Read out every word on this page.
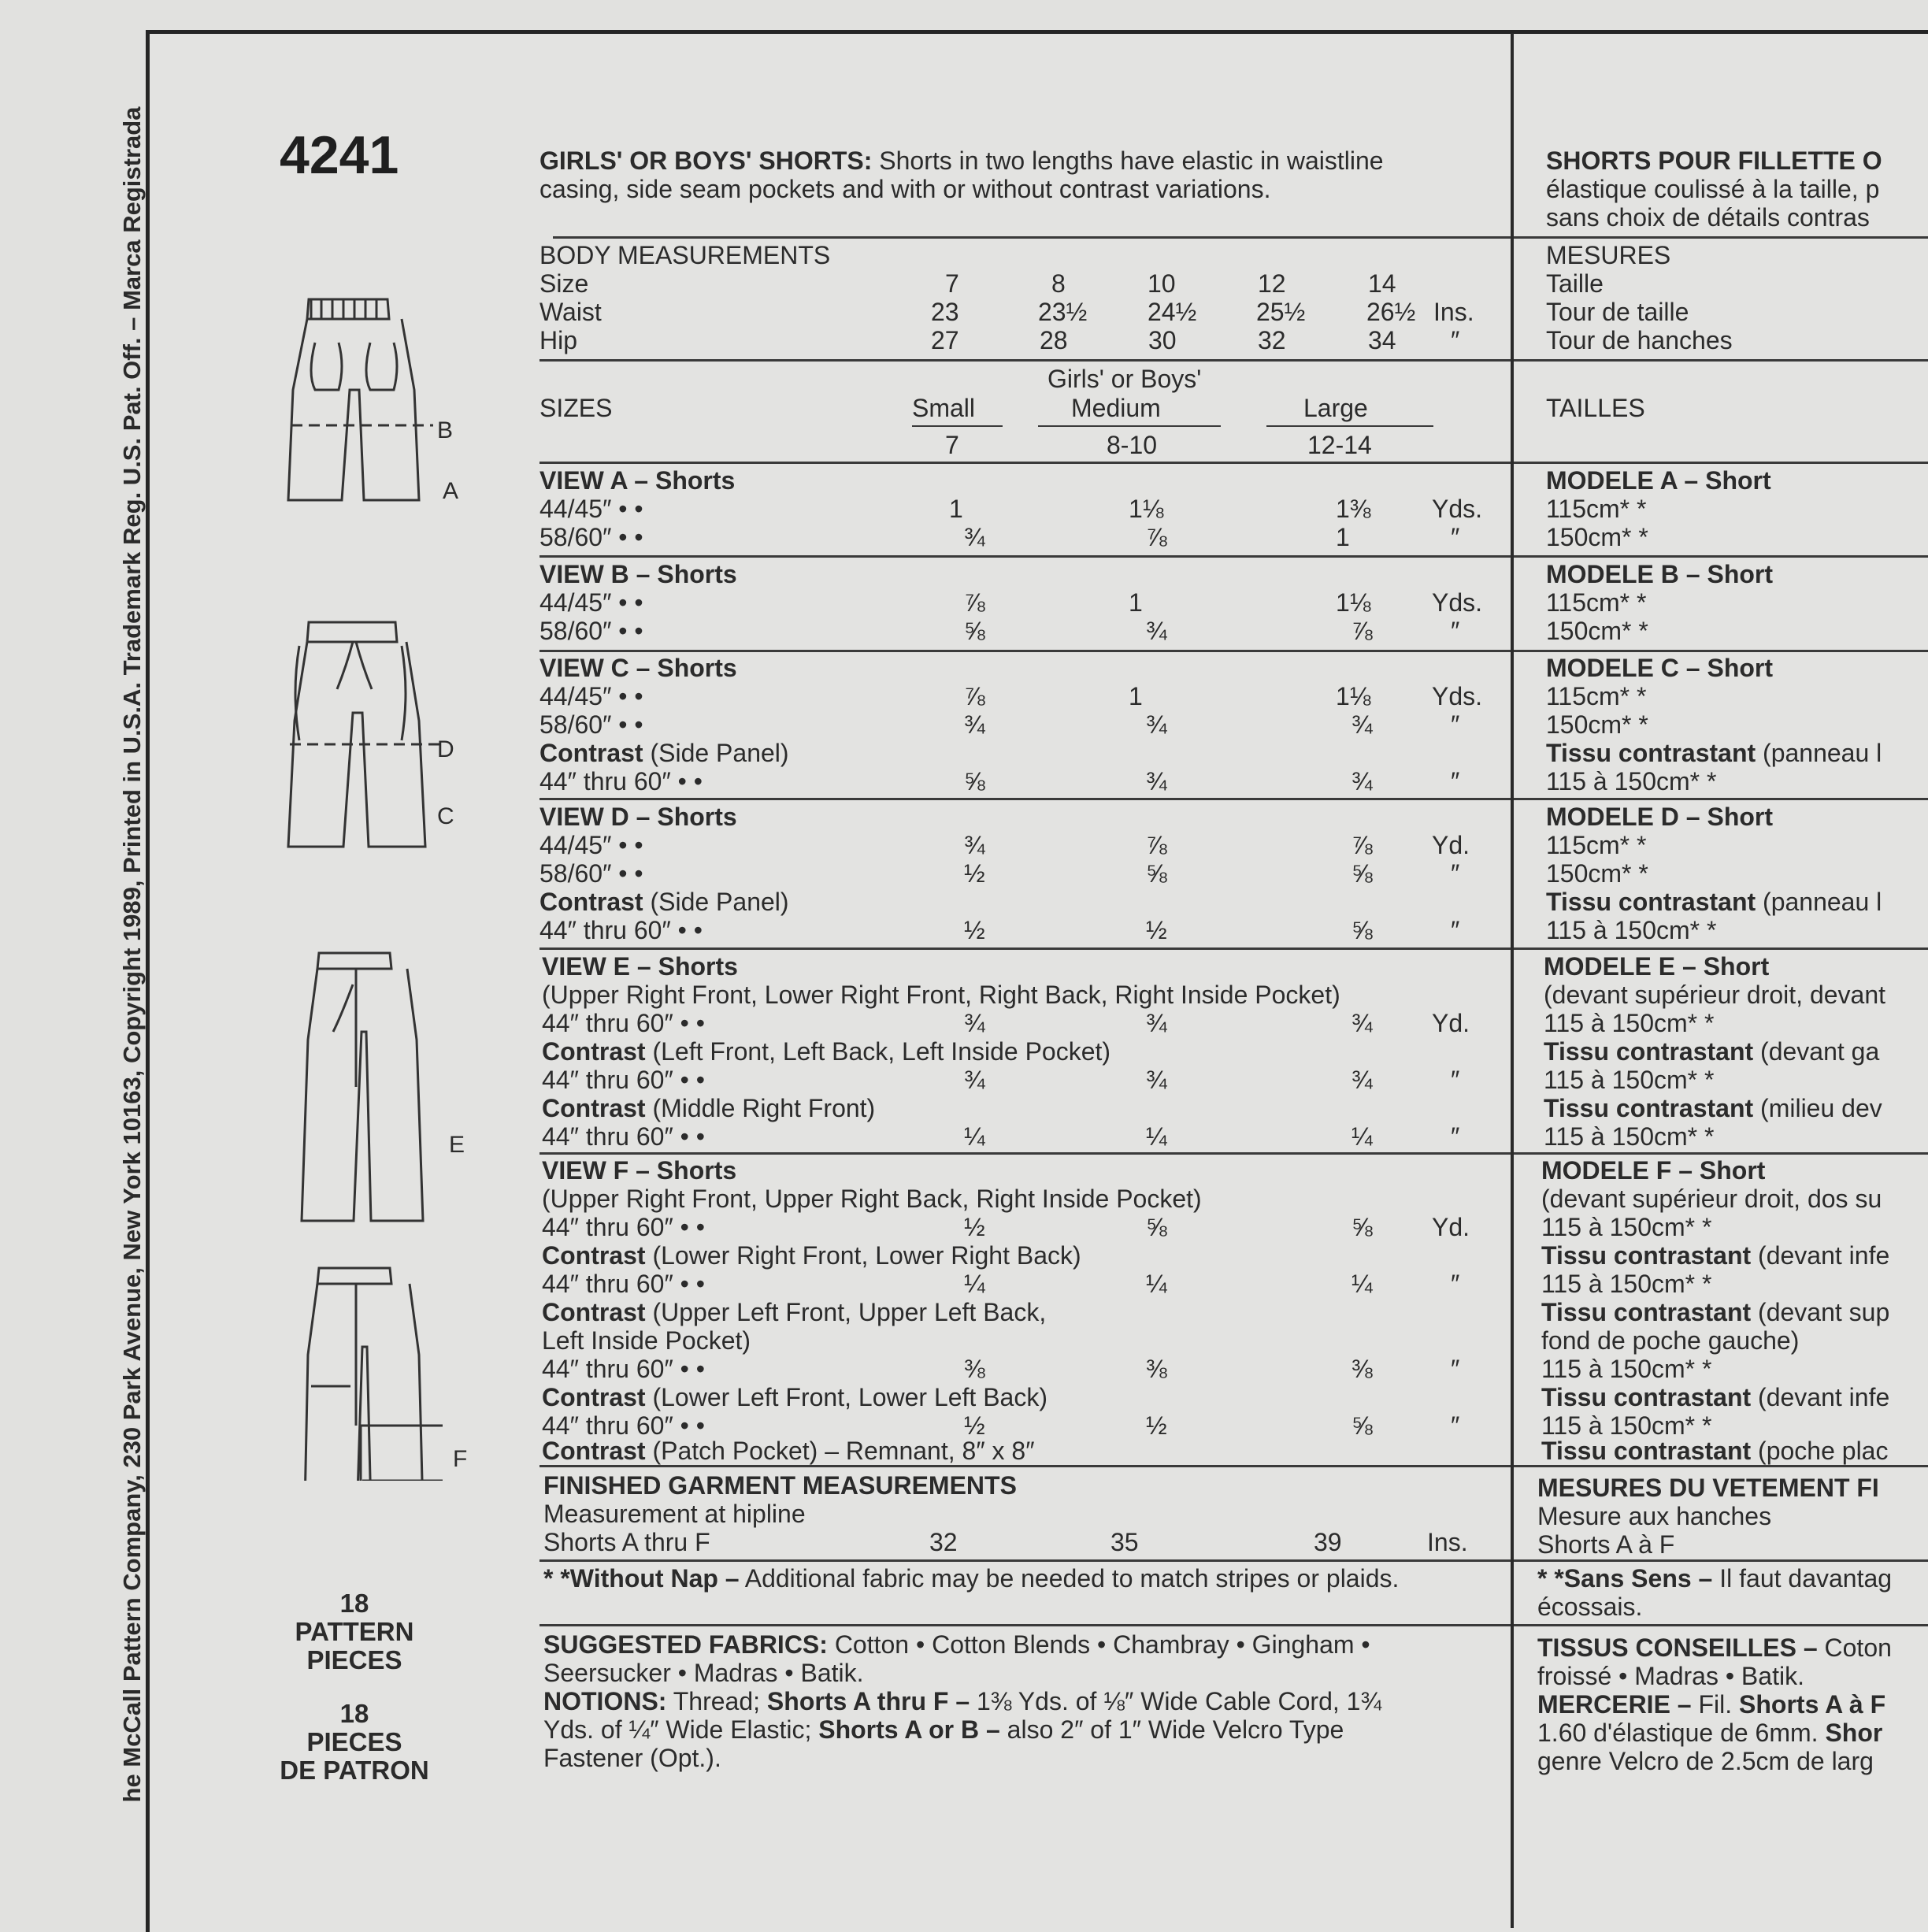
he McCall Pattern Company, 230 Park Avenue, New York 10163, Copyright 1989, Printed in U.S.A. Trademark Reg. U.S. Pat. Off. – Marca Registrada	4241
B
A
D
C
E
F
18
PATTERN
PIECES
18
PIECES
DE PATRON
GIRLS' OR BOYS' SHORTS: Shorts in two lengths have elastic in waistline
casing, side seam pockets and with or without contrast variations.
BODY MEASUREMENTS
Size	7	8	10	12	14
Waist	23	23½ 24½ 25½ 26½ Ins.
Hip	27	28	30	32	34 ″
SIZES
Girls' or Boys'
Small	Medium	Large
7	8-10	12-14
VIEW A – Shorts
44/45″ • •	1	1⅛	1⅜ Yds.
58/60″ • •	¾	⅞	1	″
VIEW B – Shorts
44/45″ • •	⅞	1	1⅛ Yds.
58/60″ • •	⅝	¾	⅞	″
VIEW C – Shorts
44/45″ • •	⅞	1	1⅛ Yds.
58/60″ • •	¾	¾	¾	″
Contrast (Side Panel)
44″ thru 60″ • •	⅝	¾	¾	″
VIEW D – Shorts
44/45″ • •	¾	⅞	⅞ Yd.
58/60″ • •	½	⅝	⅝	″
Contrast (Side Panel)
44″ thru 60″ • •	½	½	⅝	″
VIEW E – Shorts
(Upper Right Front, Lower Right Front, Right Back, Right Inside Pocket)
44″ thru 60″ • •	¾	¾	¾ Yd.
Contrast (Left Front, Left Back, Left Inside Pocket)
44″ thru 60″ • •	¾	¾	¾	″
Contrast (Middle Right Front)
44″ thru 60″ • •	¼	¼	¼	″
VIEW F – Shorts
(Upper Right Front, Upper Right Back, Right Inside Pocket)
44″ thru 60″ • •	½	⅝	⅝ Yd.
Contrast (Lower Right Front, Lower Right Back)
44″ thru 60″ • •	¼	¼	¼	″
Contrast (Upper Left Front, Upper Left Back,
Left Inside Pocket)
44″ thru 60″ • •	⅜	⅜	⅜	″
Contrast (Lower Left Front, Lower Left Back)
44″ thru 60″ • •	½	½	⅝	″
Contrast (Patch Pocket) – Remnant, 8″ x 8″
FINISHED GARMENT MEASUREMENTS
Measurement at hipline
Shorts A thru F	32	35	39	Ins.
* *Without Nap – Additional fabric may be needed to match stripes or plaids.
SUGGESTED FABRICS: Cotton • Cotton Blends • Chambray • Gingham •
Seersucker • Madras • Batik.
NOTIONS: Thread; Shorts A thru F – 1⅜ Yds. of ⅛″ Wide Cable Cord, 1¾
Yds. of ¼″ Wide Elastic; Shorts A or B – also 2″ of 1″ Wide Velcro Type
Fastener (Opt.).
SHORTS POUR FILLETTE O
élastique coulissé à la taille, p
sans choix de détails contras
MESURES
Taille
Tour de taille
Tour de hanches
TAILLES
MODELE A – Short
115cm* *
150cm* *
MODELE B – Short
115cm* *
150cm* *
MODELE C – Short
115cm* *
150cm* *
Tissu contrastant (panneau l
115 à 150cm* *
MODELE D – Short
115cm* *
150cm* *
Tissu contrastant (panneau l
115 à 150cm* *
MODELE E – Short
(devant supérieur droit, devant
115 à 150cm* *
Tissu contrastant (devant ga
115 à 150cm* *
Tissu contrastant (milieu dev
115 à 150cm* *
MODELE F – Short
(devant supérieur droit, dos su
115 à 150cm* *
Tissu contrastant (devant infe
115 à 150cm* *
Tissu contrastant (devant sup
fond de poche gauche)
115 à 150cm* *
Tissu contrastant (devant infe
115 à 150cm* *
Tissu contrastant (poche plac
MESURES DU VETEMENT FI
Mesure aux hanches
Shorts A à F
* *Sans Sens – Il faut davantag
écossais.
TISSUS CONSEILLES – Coton
froissé • Madras • Batik.
MERCERIE – Fil. Shorts A à F
1.60 d'élastique de 6mm. Shor
genre Velcro de 2.5cm de larg
